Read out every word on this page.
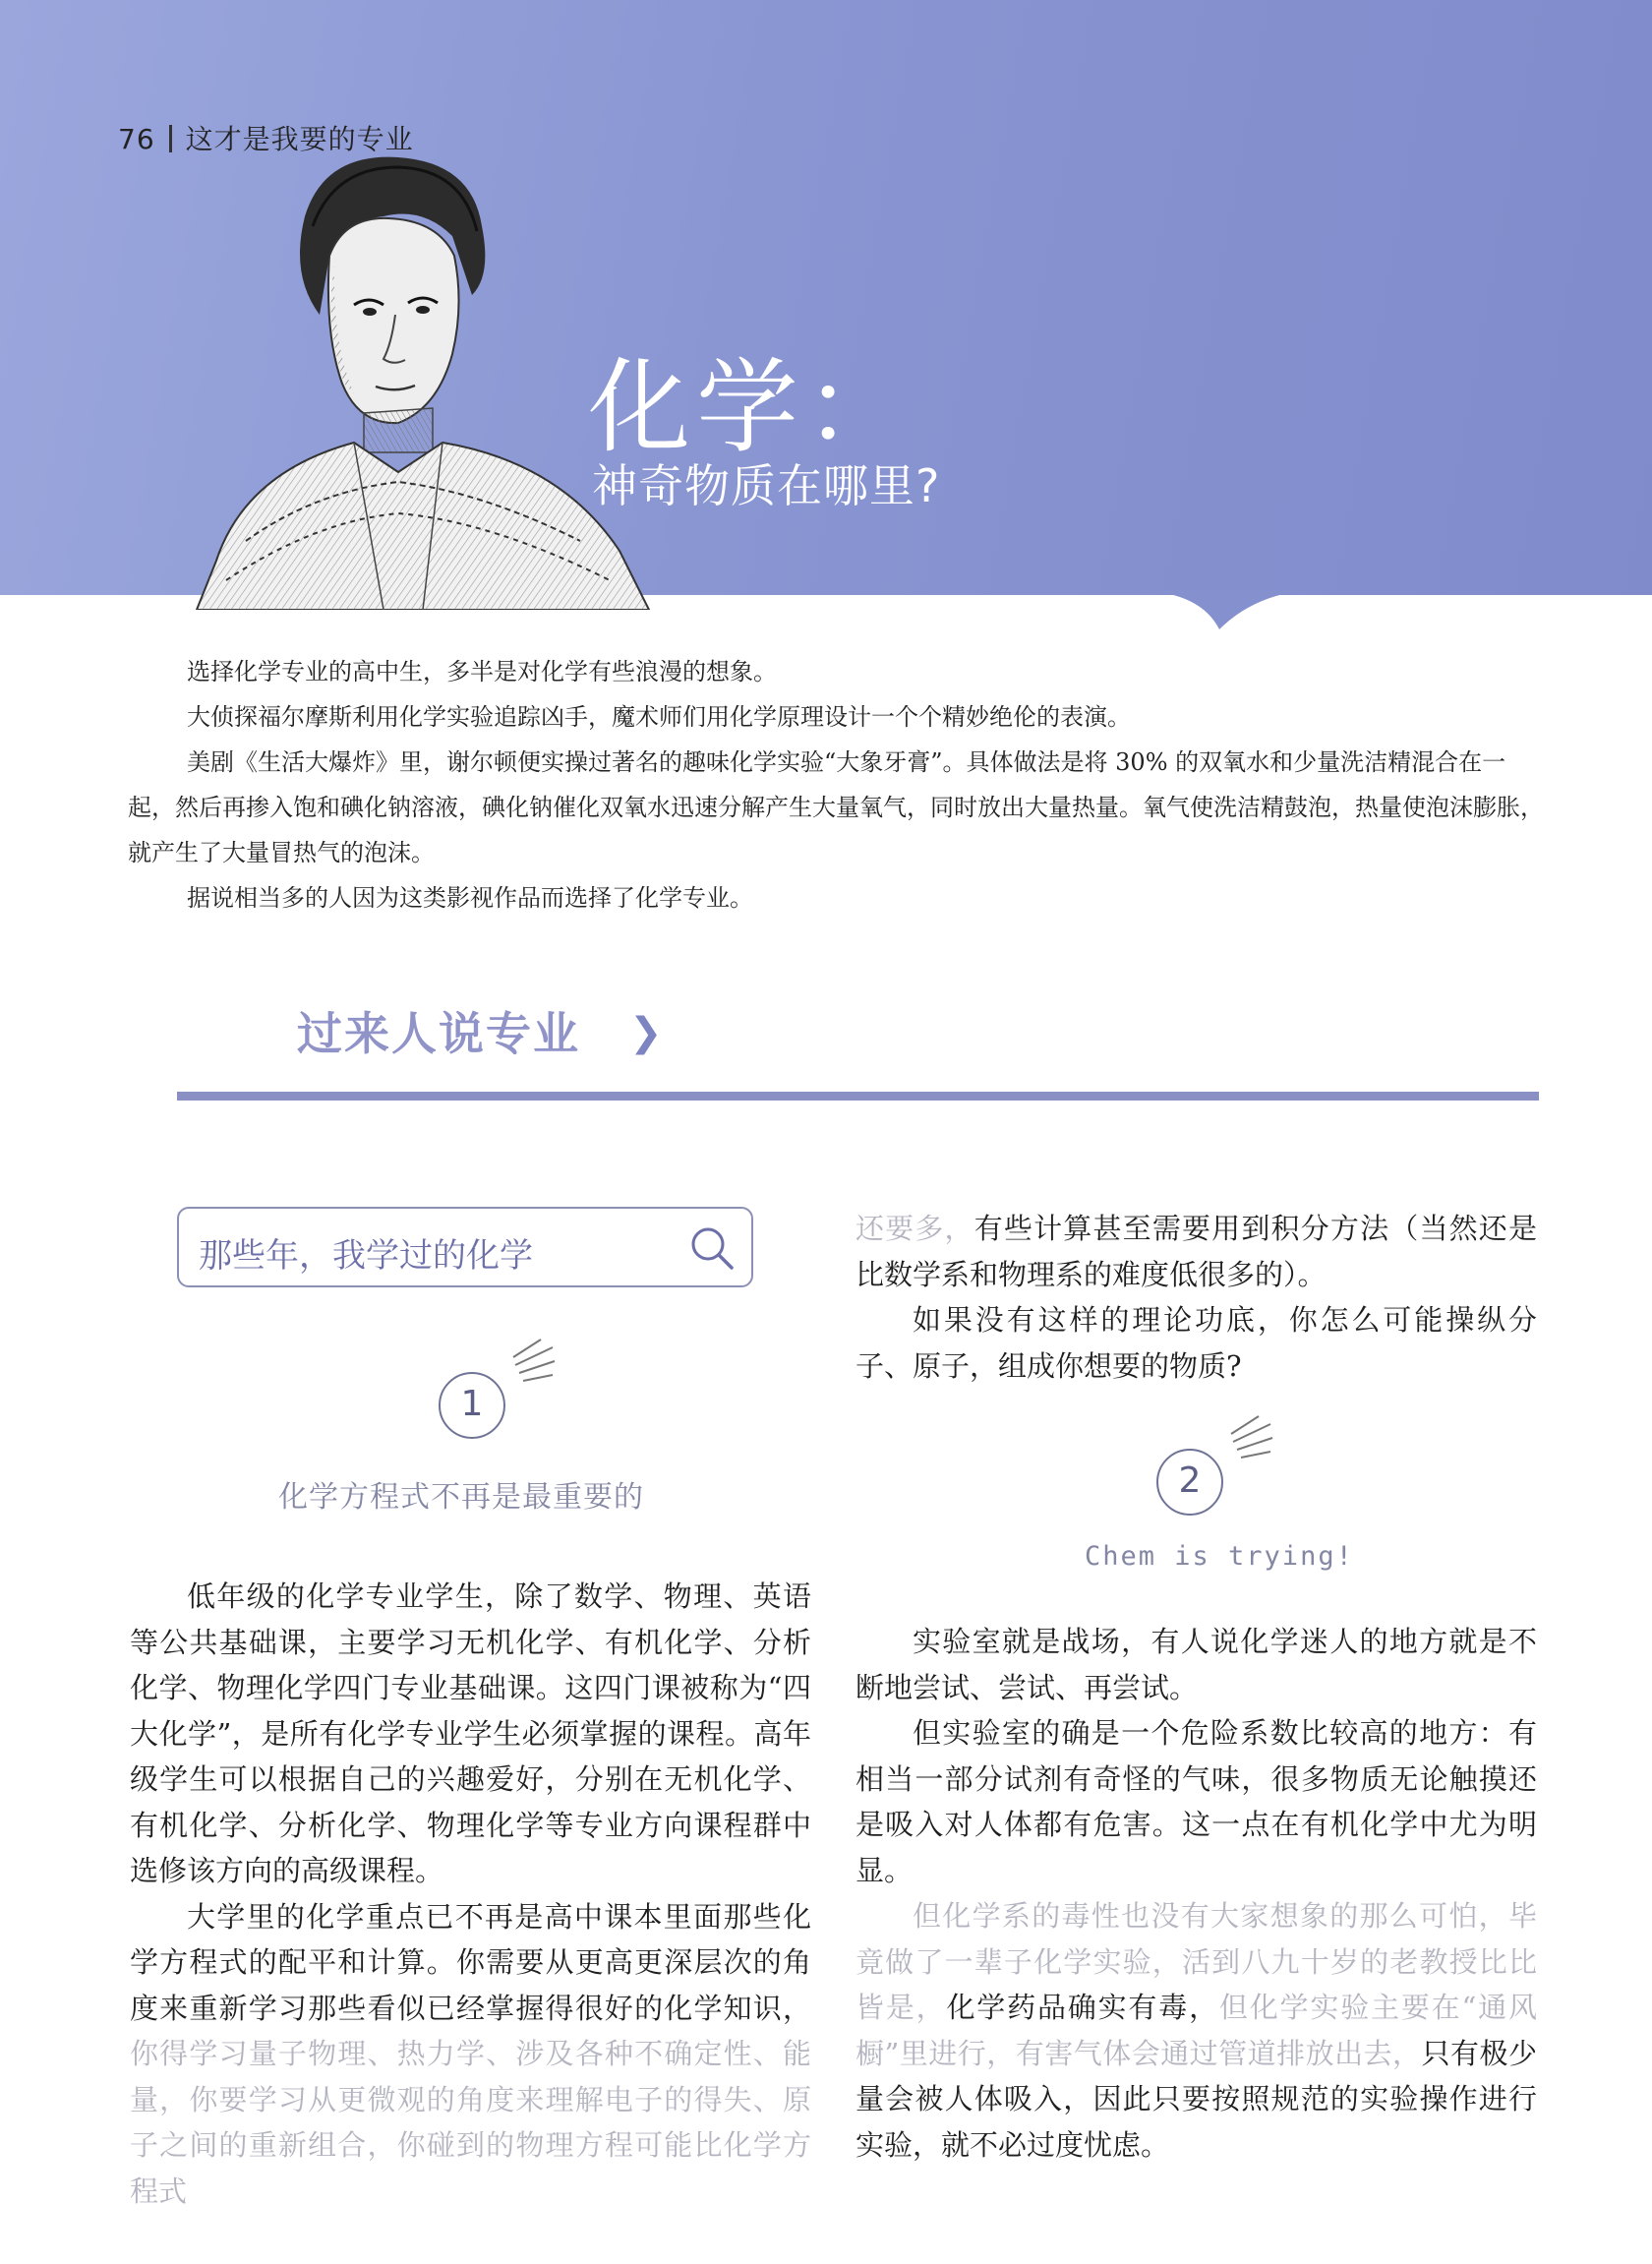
76 这才是我要的专业
化学：
神奇物质在哪里?

选择化学专业的高中生，多半是对化学有些浪漫的想象。

大侦探福尔摩斯利用化学实验追踪凶手，魔术师们用化学原理设计一个个精妙绝伦的表演。

美剧《生活大爆炸》里，谢尔顿便实操过著名的趣味化学实验“大象牙膏”。具体做法是将 30% 的双氧水和少量洗洁精混合在一起，然后再掺入饱和碘化钠溶液，碘化钠催化双氧水迅速分解产生大量氧气，同时放出大量热量。氧气使洗洁精鼓泡，热量使泡沫膨胀，就产生了大量冒热气的泡沫。

据说相当多的人因为这类影视作品而选择了化学专业。

过来人说专业 ❯
那些年，我学过的化学
1
化学方程式不再是最重要的	2
Chem is trying!

低年级的化学专业学生，除了数学、物理、英语等公共基础课，主要学习无机化学、有机化学、分析化学、物理化学四门专业基础课。这四门课被称为“四大化学”，是所有化学专业学生必须掌握的课程。高年级学生可以根据自己的兴趣爱好，分别在无机化学、有机化学、分析化学、物理化学等专业方向课程群中选修该方向的高级课程。

大学里的化学重点已不再是高中课本里面那些化学方程式的配平和计算。你需要从更高更深层次的角度来重新学习那些看似已经掌握得很好的化学知识，你得学习量子物理、热力学、涉及各种不确定性、能量，你要学习从更微观的角度来理解电子的得失、原子之间的重新组合，你碰到的物理方程可能比化学方程式

还要多，有些计算甚至需要用到积分方法（当然还是比数学系和物理系的难度低很多的）。

如果没有这样的理论功底，你怎么可能操纵分子、原子，组成你想要的物质?

实验室就是战场，有人说化学迷人的地方就是不断地尝试、尝试、再尝试。

但实验室的确是一个危险系数比较高的地方：有相当一部分试剂有奇怪的气味，很多物质无论触摸还是吸入对人体都有危害。这一点在有机化学中尤为明显。

但化学系的毒性也没有大家想象的那么可怕，毕竟做了一辈子化学实验，活到八九十岁的老教授比比皆是，化学药品确实有毒，但化学实验主要在“通风橱”里进行，有害气体会通过管道排放出去，只有极少量会被人体吸入，因此只要按照规范的实验操作进行实验，就不必过度忧虑。
